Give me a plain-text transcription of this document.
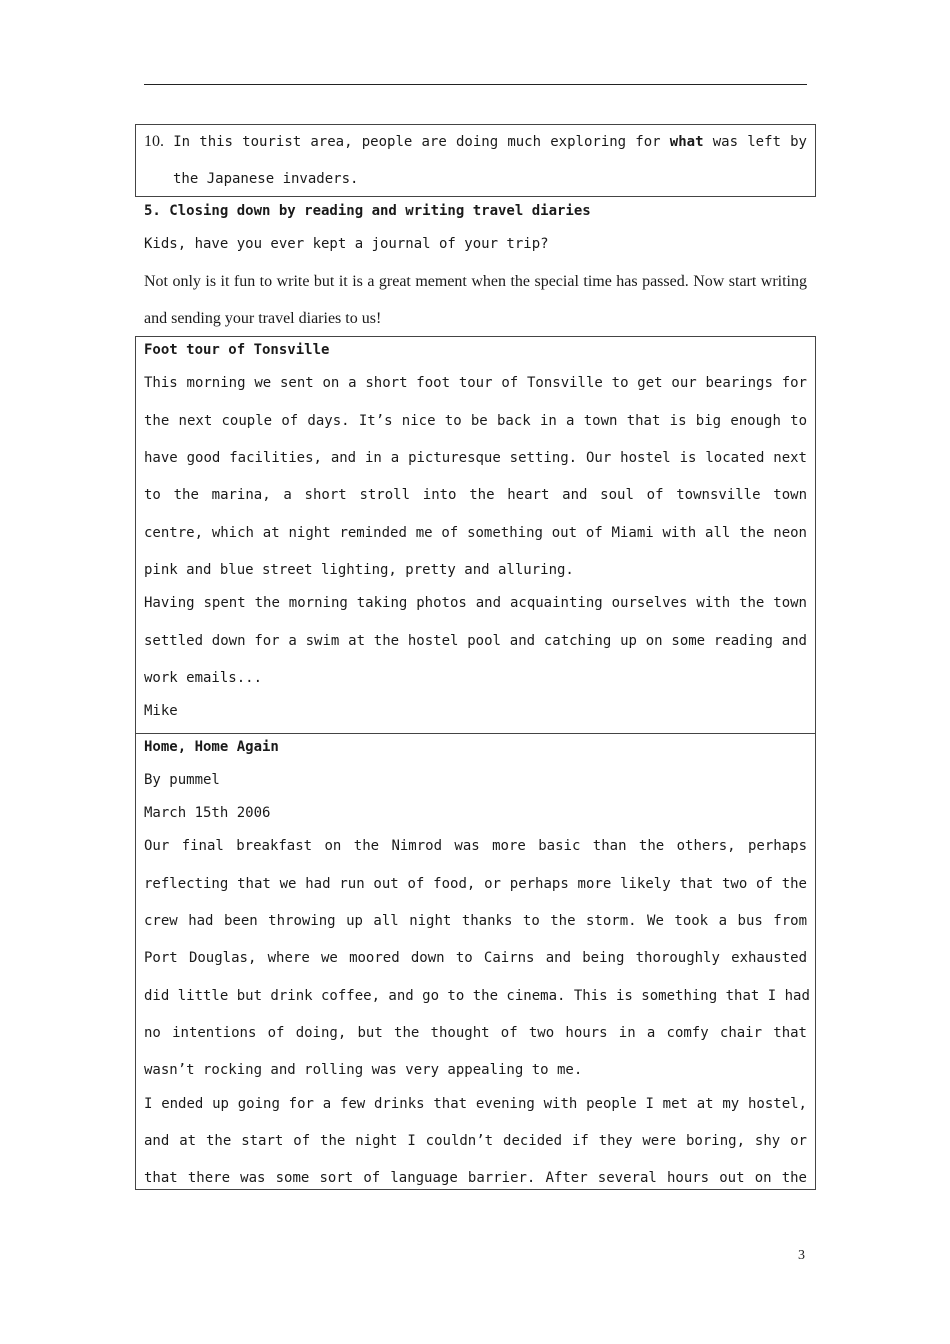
10. In this tourist area, people are doing much exploring for what was left by
the Japanese invaders.
5. Closing down by reading and writing travel diaries
Kids, have you ever kept a journal of your trip?
Not only is it fun to write but it is a great mement when the special time has passed. Now start writing and sending your travel diaries to us!
Foot tour of Tonsville
This morning we sent on a short foot tour of Tonsville to get our bearings for
the next couple of days. It’s nice to be back in a town that is big enough to
have good facilities, and in a picturesque setting. Our hostel is located next
to the marina, a short stroll into the heart and soul of townsville town
centre, which at night reminded me of something out of Miami with all the neon
pink and blue street lighting, pretty and alluring.
Having spent the morning taking photos and acquainting ourselves with the town
settled down for a swim at the hostel pool and catching up on some reading and
work emails...
Mike
Home, Home Again
By pummel
March 15th 2006
Our final breakfast on the Nimrod was more basic than the others, perhaps
reflecting that we had run out of food, or perhaps more likely that two of the
crew had been throwing up all night thanks to the storm. We took a bus from
Port Douglas, where we moored down to Cairns and being thoroughly exhausted
did little but drink coffee, and go to the cinema. This is something that I had
no intentions of doing, but the thought of two hours in a comfy chair that
wasn’t rocking and rolling was very appealing to me.
I ended up going for a few drinks that evening with people I met at my hostel,
and at the start of the night I couldn’t decided if they were boring, shy or
that there was some sort of language barrier. After several hours out on the
3
